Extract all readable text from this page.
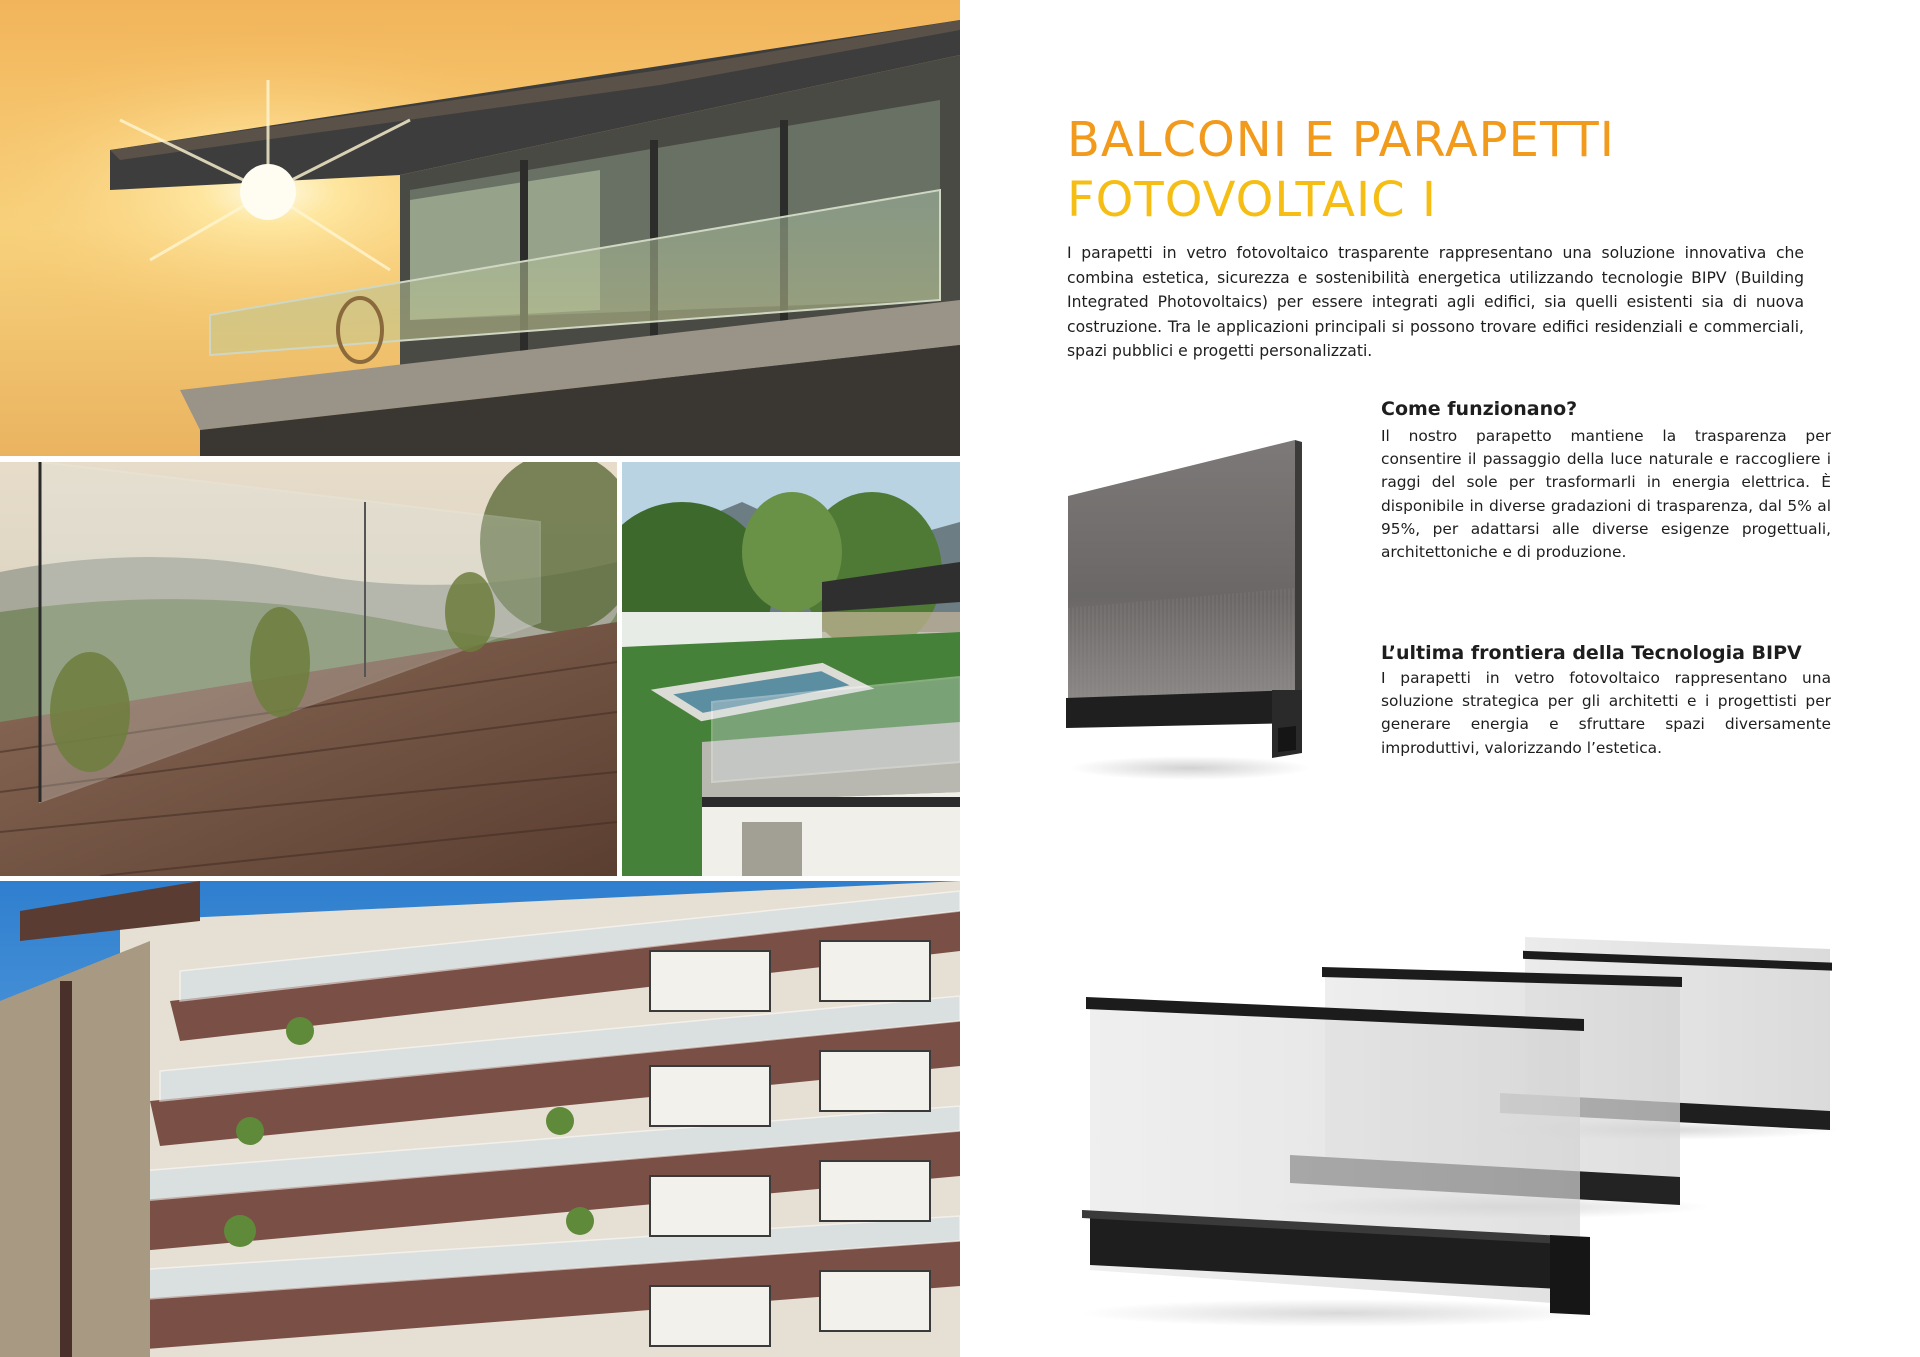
BALCONI E PARAPETTI
FOTOVOLTAIC I

I parapetti in vetro fotovoltaico trasparente rappresentano una soluzione innovativa che combina estetica, sicurezza e sostenibilità energetica utilizzando tecnologie BIPV (Building Integrated Photovoltaics) per essere integrati agli edifici, sia quelli esistenti sia di nuova costruzione. Tra le applicazioni principali si possono trovare edifici residenziali e commerciali, spazi pubblici e progetti personalizzati.

Come funzionano?

Il nostro parapetto mantiene la trasparenza per consentire il passaggio della luce naturale e raccogliere i raggi del sole per trasformarli in energia elettrica. È disponibile in diverse gradazioni di trasparenza, dal 5% al 95%, per adattarsi alle diverse esigenze progettuali, architettoniche e di produzione.

L’ultima frontiera della Tecnologia BIPV

I parapetti in vetro fotovoltaico rappresentano una soluzione strategica per gli architetti e i progettisti per generare energia e sfruttare spazi diversamente improduttivi, valorizzando l’estetica.
